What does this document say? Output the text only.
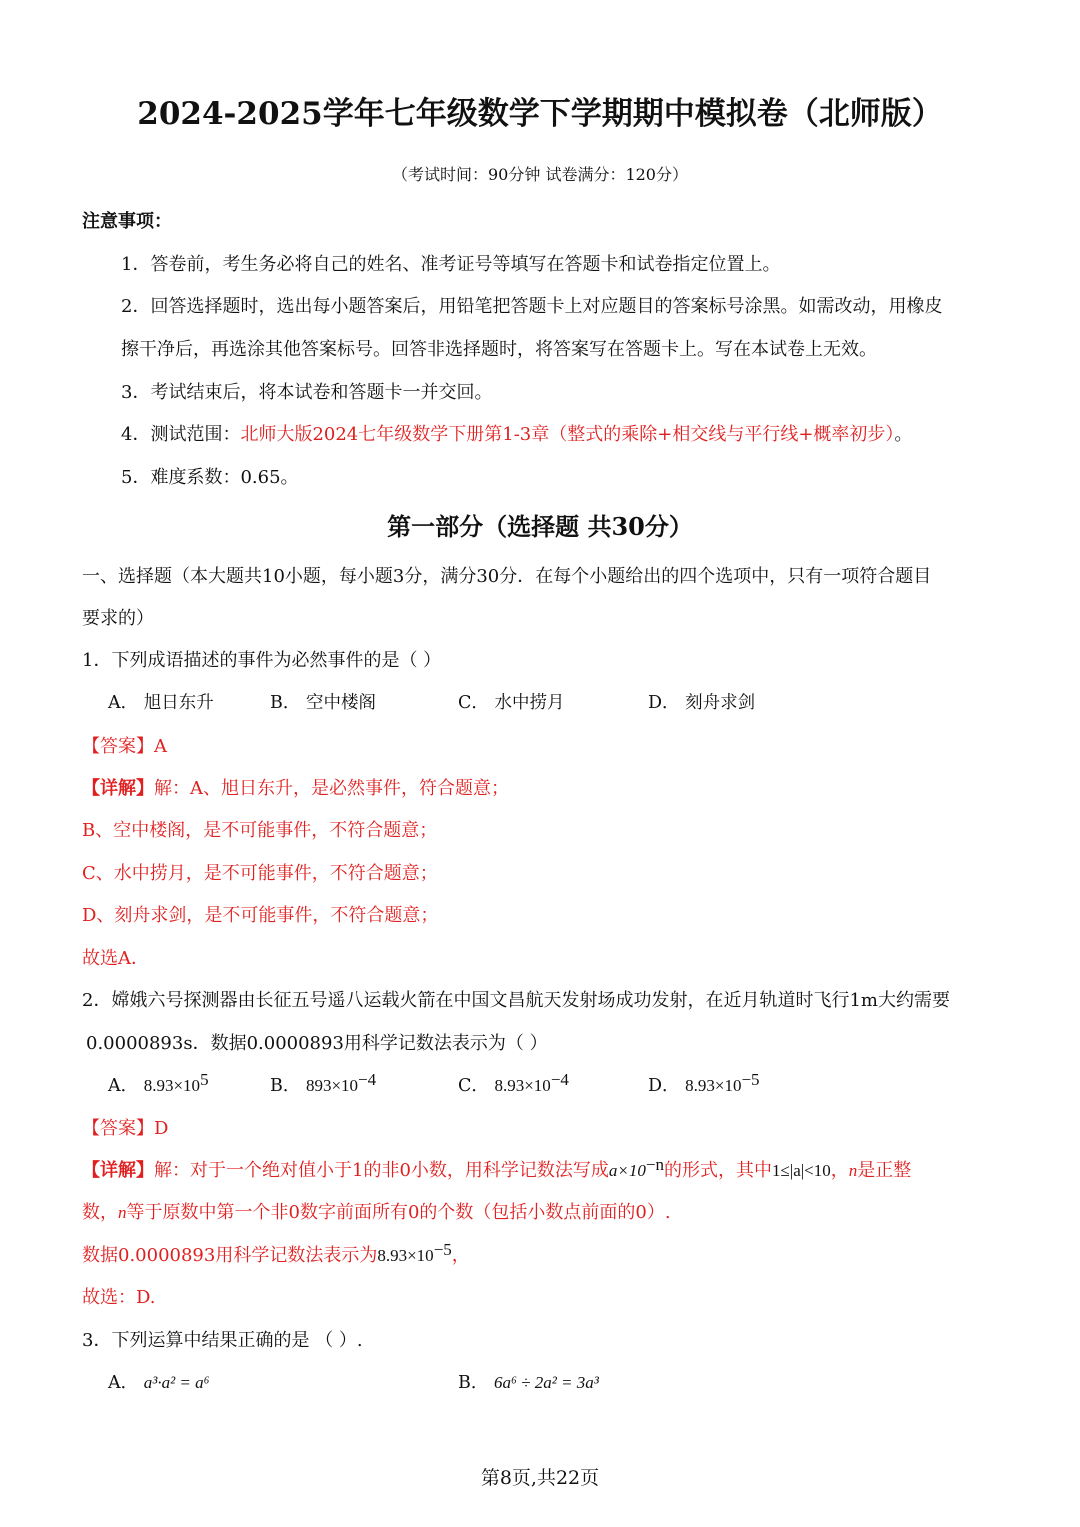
2024-2025学年七年级数学下学期期中模拟卷（北师版）
（考试时间：90分钟 试卷满分：120分）
注意事项：
1．答卷前，考生务必将自己的姓名、准考证号等填写在答题卡和试卷指定位置上。
2．回答选择题时，选出每小题答案后，用铅笔把答题卡上对应题目的答案标号涂黑。如需改动，用橡皮
擦干净后，再选涂其他答案标号。回答非选择题时，将答案写在答题卡上。写在本试卷上无效。
3．考试结束后，将本试卷和答题卡一并交回。
4．测试范围：北师大版2024七年级数学下册第1-3章（整式的乘除+相交线与平行线+概率初步）。
5．难度系数：0.65。
第一部分（选择题 共30分）
一、选择题（本大题共10小题，每小题3分，满分30分．在每个小题给出的四个选项中，只有一项符合题目
要求的）
1．下列成语描述的事件为必然事件的是（ ）
A． 旭日东升	B． 空中楼阁	C． 水中捞月	D． 刻舟求剑
【答案】A
【详解】解：A、旭日东升，是必然事件，符合题意；
B、空中楼阁，是不可能事件，不符合题意；
C、水中捞月，是不可能事件，不符合题意；
D、刻舟求剑，是不可能事件，不符合题意；
故选A．
2．嫦娥六号探测器由长征五号遥八运载火箭在中国文昌航天发射场成功发射，在近月轨道时飞行1m大约需要
0.0000893s．数据0.0000893用科学记数法表示为（ ）
A． $8.93\times 10^5$	B． $893\times 10^{-4}$	C． $8.93\times 10^{-4}$	D． $8.93\times 10^{-5}$
【答案】D
【详解】解：对于一个绝对值小于1的非0小数，用科学记数法写成$a\times 10^{-n}$的形式，其中1≤|a|<10，n是正整
数，n等于原数中第一个非0数字前面所有0的个数（包括小数点前面的0）.
数据0.0000893用科学记数法表示为$8.93\times 10^{-5}$，
故选：D.
3．下列运算中结果正确的是 （ ）.
A． a³·a² = a⁶	B． 6a⁶ ÷ 2a² = 3a³
第8页,共22页
